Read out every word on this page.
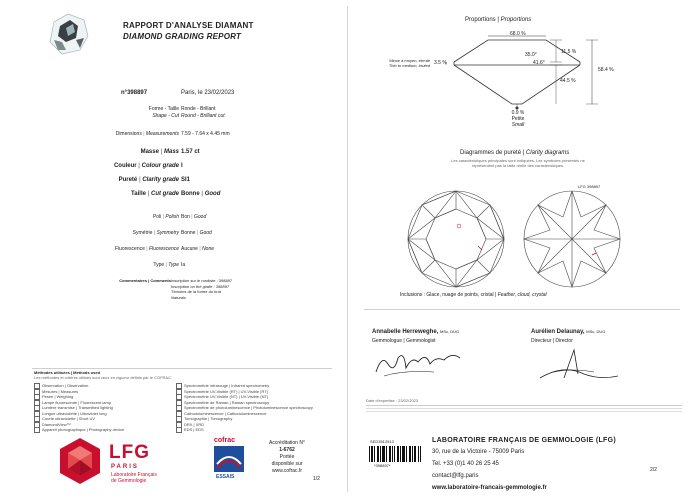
RAPPORT D'ANALYSE DIAMANT
DIAMOND GRADING REPORT
n°398897	Paris, le 23/02/2023
Forme - Taille
Shape - Cut
Ronde - Brillant
Round - Brilliant cut
Dimensions | Measurements 7.59 - 7.64 x 4.45 mm
Masse | Mass 1.57 ct
Couleur | Colour grade I
Pureté | Clarity grade SI1
Taille | Cut grade Bonne | Good
Poli | Polish Bon | Good
Symétrie | Symmetry Bonne | Good
Fluorescence | Fluorescence Aucune | None
Type | Type Ia
Commentaires | Comments Inscription sur le rondiste : 398897
Inscription on the girdle : 398897
Témoins de la forme du brut
Naturals
Méthodes utilisées | Methods used
Les méthodes et critères utilisés sont ceux en vigueur définis par le COFRAC.
Observation | Observation
Mesures | Measures
Pesée | Weighing
Lampe fluorescente | Fluorescent lamp
Lumière transmise | Transmitted lighting
Longue ultraviolette | Ultraviolet long
Courte ultraviolette | Short UV
DiamondView™
Appareil photographique | Photography device
Spectrométrie infrarouge | Infrared spectrometry
Spectrométrie UV-Visible (RT) | UV-Visible (RT)
Spectrométrie UV-Visible (NT) | UV-Visible (NT)
Spectrométrie de Raman | Raman spectroscopy
Spectrométrie de photoluminescence | Photoluminescence spectroscopy
Cathodoluminescence | Cathodoluminescence
Tomographie | Tomography
DRX | XRD
EDS | EDS
LFG
PARIS
Laboratoire Français
de Gemmologie
cofrac
ESSAIS
Accréditation N°
1-6762
Portée
disponible sur
www.cofrac.fr
1/2
Proportions | Proportions
68.0 %
35.0°
41.6°
11.5 %
3.5 %
44.5 %
58.4 %
0.9 %
Petite
Small
Mince à moyen, ébruté
Thin to medium, bruted
Diagrammes de pureté | Clarity diagrams
Les caractéristiques principales sont indiquées. Les symboles présentés ne représentent pas la taille réelle des caractéristiques.
LFG 398897
Inclusions : Glace, nuage de points, cristal | Feather, cloud, crystal
Annabelle Herreweghe, MSc, DUG
Gemmologue | Gemmologist
Aurélien Delaunay, MSc, DUG
Directeur | Director
Date d'expertise : 23/02/2023
SED3512913
*398897*
LABORATOIRE FRANÇAIS DE GEMMOLOGIE (LFG)
30, rue de la Victoire - 75009 Paris
Tel. +33 (0)1 40 26 25 45
contact@lfg.paris
www.laboratoire-francais-gemmologie.fr
2/2
